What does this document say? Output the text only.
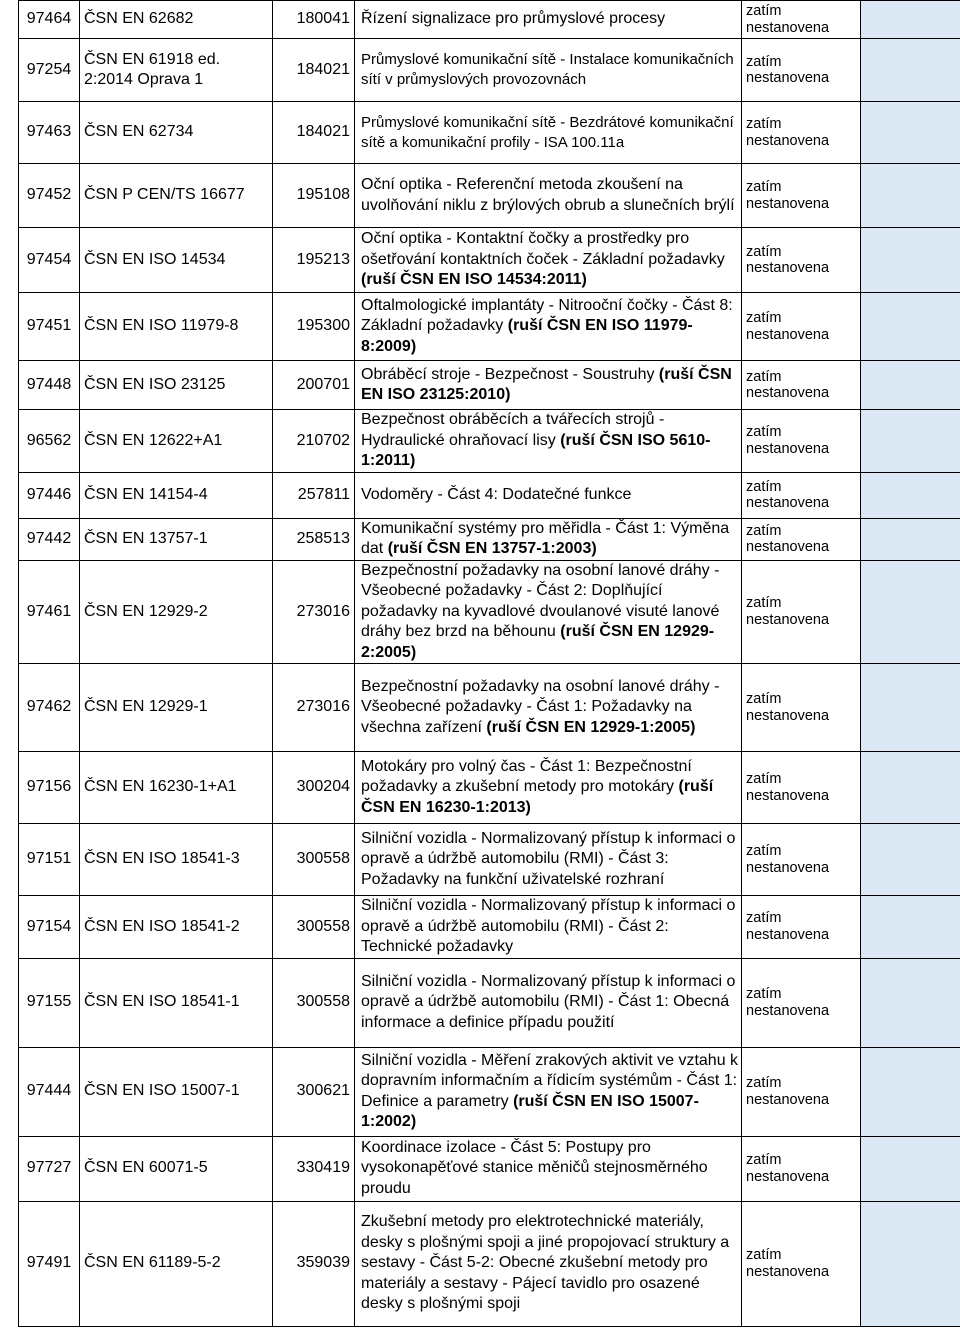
97464	ČSN EN 62682	180041	Řízení signalizace pro průmyslové procesy	zatím nestanovena	
97254	ČSN EN 61918 ed. 2:2014 Oprava 1	184021	Průmyslové komunikační sítě - Instalace komunikačních sítí v průmyslových provozovnách	zatím nestanovena	
97463	ČSN EN 62734	184021	Průmyslové komunikační sítě - Bezdrátové komunikační sítě a komunikační profily - ISA 100.11a	zatím nestanovena	
97452	ČSN P CEN/TS 16677	195108	Oční optika - Referenční metoda zkoušení na uvolňování niklu z brýlových obrub a slunečních brýlí	zatím nestanovena	
97454	ČSN EN ISO 14534	195213	Oční optika - Kontaktní čočky a prostředky pro ošetřování kontaktních čoček - Základní požadavky (ruší ČSN EN ISO 14534:2011)	zatím nestanovena	
97451	ČSN EN ISO 11979-8	195300	Oftalmologické implantáty - Nitrooční čočky - Část 8: Základní požadavky (ruší ČSN EN ISO 11979-8:2009)	zatím nestanovena	
97448	ČSN EN ISO 23125	200701	Obráběcí stroje - Bezpečnost - Soustruhy (ruší ČSN EN ISO 23125:2010)	zatím nestanovena	
96562	ČSN EN 12622+A1	210702	Bezpečnost obráběcích a tvářecích strojů - Hydraulické ohraňovací lisy (ruší ČSN ISO 5610-1:2011)	zatím nestanovena	
97446	ČSN EN 14154-4	257811	Vodoměry - Část 4: Dodatečné funkce	zatím nestanovena	
97442	ČSN EN 13757-1	258513	Komunikační systémy pro měřidla - Část 1: Výměna dat (ruší ČSN EN 13757-1:2003)	zatím nestanovena	
97461	ČSN EN 12929-2	273016	Bezpečnostní požadavky na osobní lanové dráhy - Všeobecné požadavky - Část 2: Doplňující požadavky na kyvadlové dvoulanové visuté lanové dráhy bez brzd na běhounu (ruší ČSN EN 12929-2:2005)	zatím nestanovena	
97462	ČSN EN 12929-1	273016	Bezpečnostní požadavky na osobní lanové dráhy - Všeobecné požadavky - Část 1: Požadavky na všechna zařízení (ruší ČSN EN 12929-1:2005)	zatím nestanovena	
97156	ČSN EN 16230-1+A1	300204	Motokáry pro volný čas - Část 1: Bezpečnostní požadavky a zkušební metody pro motokáry (ruší ČSN EN 16230-1:2013)	zatím nestanovena	
97151	ČSN EN ISO 18541-3	300558	Silniční vozidla - Normalizovaný přístup k informaci o opravě a údržbě automobilu (RMI) - Část 3: Požadavky na funkční uživatelské rozhraní	zatím nestanovena	
97154	ČSN EN ISO 18541-2	300558	Silniční vozidla - Normalizovaný přístup k informaci o opravě a údržbě automobilu (RMI) - Část 2: Technické požadavky	zatím nestanovena	
97155	ČSN EN ISO 18541-1	300558	Silniční vozidla - Normalizovaný přístup k informaci o opravě a údržbě automobilu (RMI) - Část 1: Obecná informace a definice případu použití	zatím nestanovena	
97444	ČSN EN ISO 15007-1	300621	Silniční vozidla - Měření zrakových aktivit ve vztahu k dopravním informačním a řídicím systémům - Část 1: Definice a parametry (ruší ČSN EN ISO 15007-1:2002)	zatím nestanovena	
97727	ČSN EN 60071-5	330419	Koordinace izolace - Část 5: Postupy pro vysokonapěťové stanice měničů stejnosměrného proudu	zatím nestanovena	
97491	ČSN EN 61189-5-2	359039	Zkušební metody pro elektrotechnické materiály, desky s plošnými spoji a jiné propojovací struktury a sestavy - Část 5-2: Obecné zkušební metody pro materiály a sestavy - Pájecí tavidlo pro osazené desky s plošnými spoji	zatím nestanovena	
